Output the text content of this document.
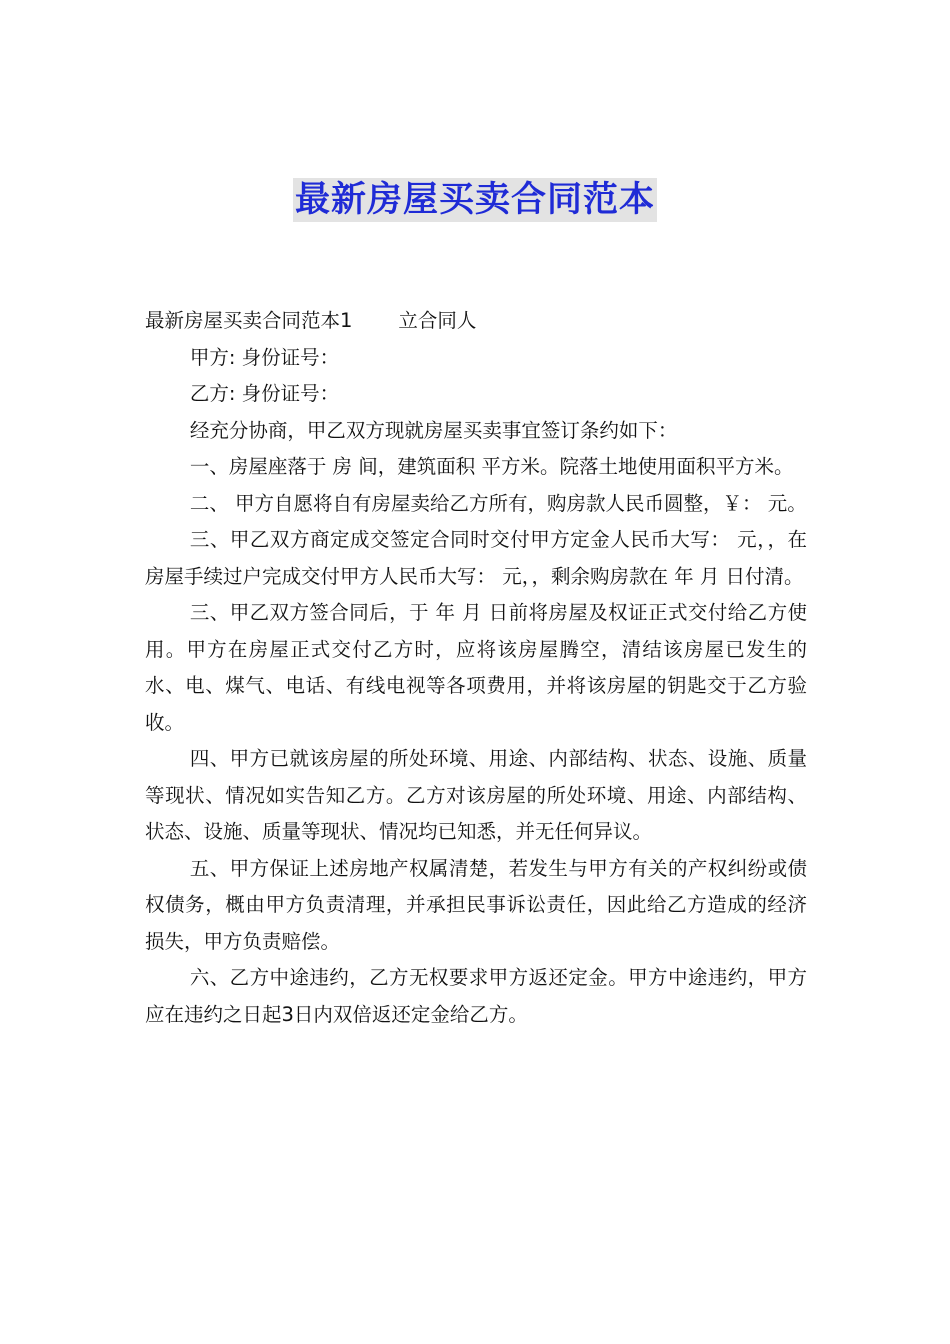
最新房屋买卖合同范本

最新房屋买卖合同范本1 立合同人

甲方: 身份证号：

乙方: 身份证号：

经充分协商，甲乙双方现就房屋买卖事宜签订条约如下：

一、房屋座落于 房 间，建筑面积 平方米。院落土地使用面积平方米。

二、 甲方自愿将自有房屋卖给乙方所有，购房款人民币圆整，￥： 元。

三、甲乙双方商定成交签定合同时交付甲方定金人民币大写： 元，，在房屋手续过户完成交付甲方人民币大写： 元，，剩余购房款在 年 月 日付清。

三、甲乙双方签合同后，于 年 月 日前将房屋及权证正式交付给乙方使用。甲方在房屋正式交付乙方时，应将该房屋腾空，清结该房屋已发生的水、电、煤气、电话、有线电视等各项费用，并将该房屋的钥匙交于乙方验收。

四、甲方已就该房屋的所处环境、用途、内部结构、状态、设施、质量等现状、情况如实告知乙方。乙方对该房屋的所处环境、用途、内部结构、状态、设施、质量等现状、情况均已知悉，并无任何异议。

五、甲方保证上述房地产权属清楚，若发生与甲方有关的产权纠纷或债权债务，概由甲方负责清理，并承担民事诉讼责任，因此给乙方造成的经济损失，甲方负责赔偿。

六、乙方中途违约，乙方无权要求甲方返还定金。甲方中途违约，甲方应在违约之日起3日内双倍返还定金给乙方。
